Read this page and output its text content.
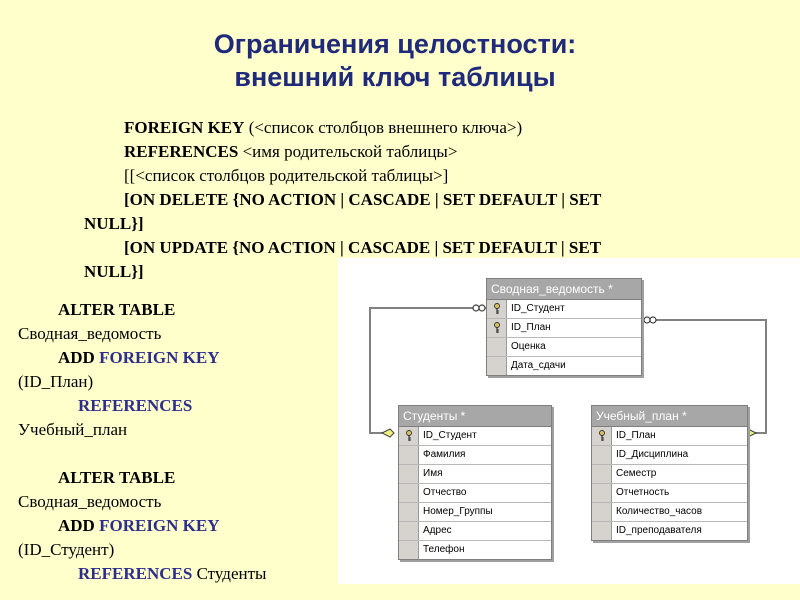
Ограничения целостности:
внешний ключ таблицы
FOREIGN KEY (<список столбцов внешнего ключа>)
REFERENCES <имя родительской таблицы>
[[<список столбцов родительской таблицы>]
[ON DELETE {NO ACTION | CASCADE | SET DEFAULT | SET
NULL}]
[ON UPDATE {NO ACTION | CASCADE | SET DEFAULT | SET
NULL}]
ALTER TABLE
Сводная_ведомость
ADD FOREIGN KEY
(ID_План)
REFERENCES
Учебный_план
ALTER TABLE
Сводная_ведомость
ADD FOREIGN KEY
(ID_Студент)
REFERENCES Студенты
Сводная_ведомость *
ID_Студент
ID_План
Оценка
Дата_сдачи
Студенты *
ID_Студент
Фамилия
Имя
Отчество
Номер_Группы
Адрес
Телефон
Учебный_план *
ID_План
ID_Дисциплина
Семестр
Отчетность
Количество_часов
ID_преподавателя
